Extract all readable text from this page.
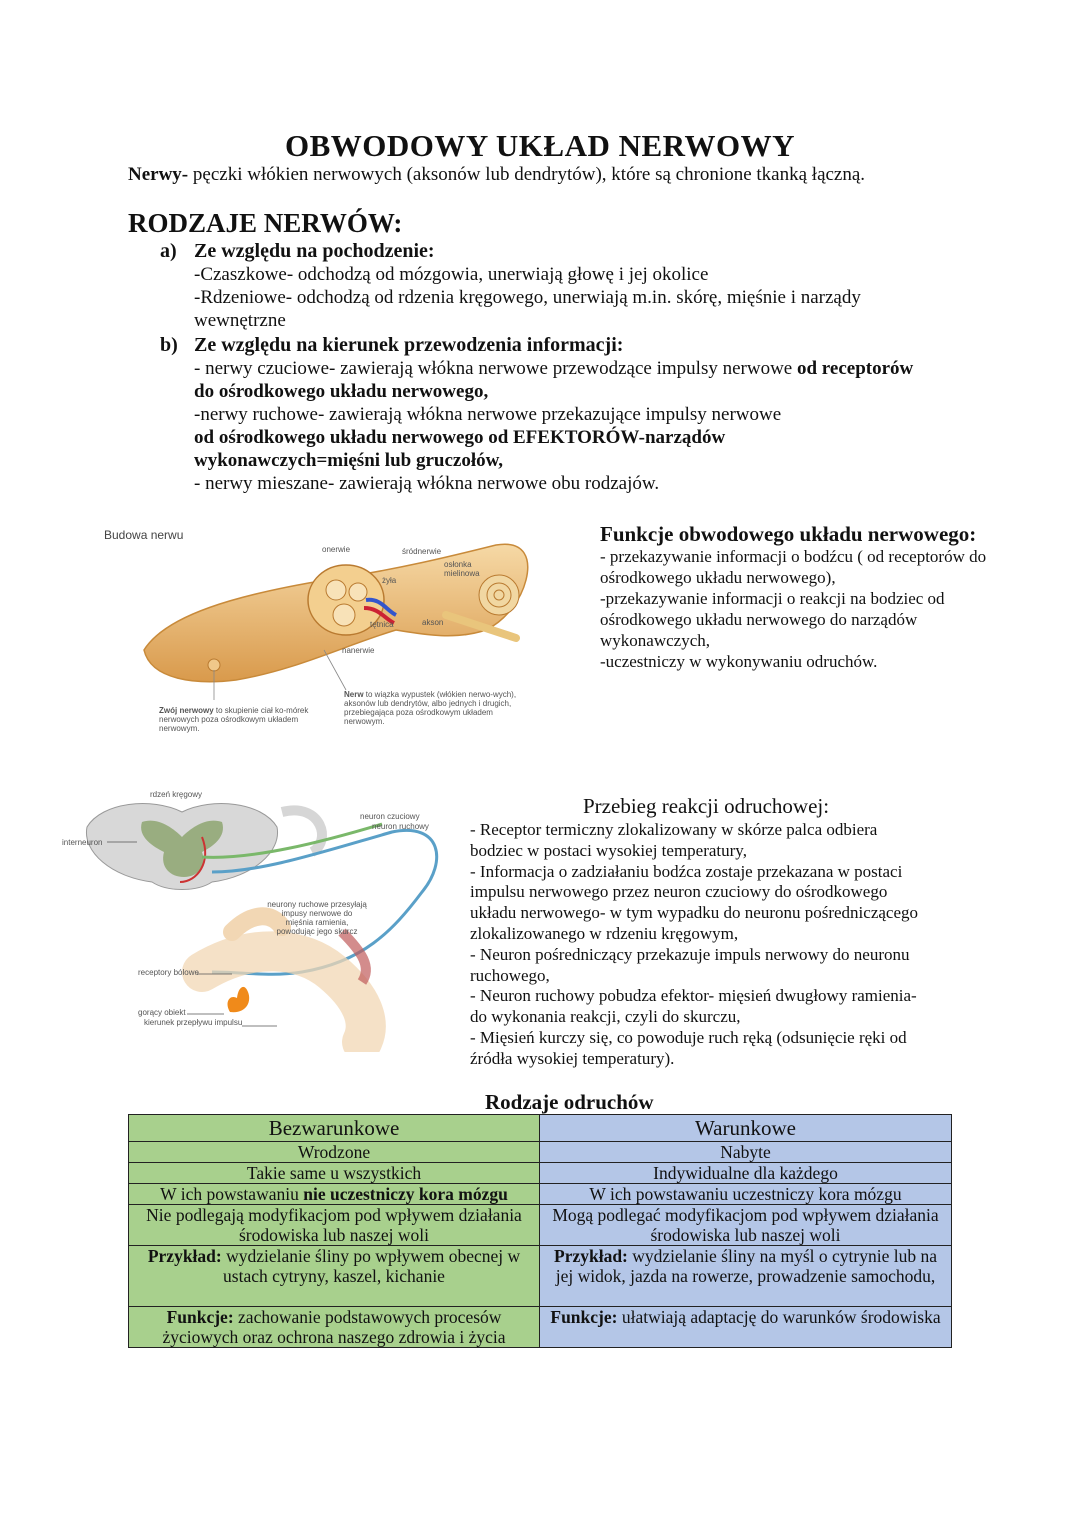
OBWODOWY UKŁAD NERWOWY
Nerwy- pęczki włókien nerwowych (aksonów lub dendrytów), które są chronione tkanką łączną.
RODZAJE NERWÓW:
a) Ze względu na pochodzenie:
-Czaszkowe- odchodzą od mózgowia, unerwiają głowę i jej okolice
-Rdzeniowe- odchodzą od rdzenia kręgowego, unerwiają m.in. skórę, mięśnie i narządy
wewnętrzne
b) Ze względu na kierunek przewodzenia informacji:
- nerwy czuciowe- zawierają włókna nerwowe przewodzące impulsy nerwowe od receptorów
do ośrodkowego układu nerwowego,
-nerwy ruchowe- zawierają włókna nerwowe przekazujące impulsy nerwowe
od ośrodkowego układu nerwowego od EFEKTORÓW-narządów
wykonawczych=mięśni lub gruczołów,
- nerwy mieszane- zawierają włókna nerwowe obu rodzajów.
Budowa nerwu
onerwie	śródnerwie
osłonka mielinowa
żyła
tętnica	akson
nanerwie
Zwój nerwowy to skupienie ciał ko-mórek nerwowych poza ośrodkowym układem nerwowym.
Nerw to wiązka wypustek (włókien nerwo-wych), aksonów lub dendrytów, albo jednych i drugich, przebiegająca poza ośrodkowym układem nerwowym.
Funkcje obwodowego układu nerwowego:
- przekazywanie informacji o bodźcu ( od receptorów do
ośrodkowego układu nerwowego),
-przekazywanie informacji o reakcji na bodziec od
ośrodkowego układu nerwowego do narządów
wykonawczych,
-uczestniczy w wykonywaniu odruchów.
rdzeń kręgowy
interneuron
neuron czuciowy
neuron ruchowy
neurony ruchowe przesyłają impusy nerwowe do mięśnia ramienia, powodując jego skurcz
receptory bólowe
gorący obiekt
kierunek przepływu impulsu
Przebieg reakcji odruchowej:
- Receptor termiczny zlokalizowany w skórze palca odbiera
bodziec w postaci wysokiej temperatury,
- Informacja o zadziałaniu bodźca zostaje przekazana w postaci
impulsu nerwowego przez neuron czuciowy do ośrodkowego
układu nerwowego- w tym wypadku do neuronu pośredniczącego
zlokalizowanego w rdzeniu kręgowym,
- Neuron pośredniczący przekazuje impuls nerwowy do neuronu
ruchowego,
- Neuron ruchowy pobudza efektor- mięsień dwugłowy ramienia-
do wykonania reakcji, czyli do skurczu,
- Mięsień kurczy się, co powoduje ruch ręką (odsunięcie ręki od
źródła wysokiej temperatury).
Rodzaje odruchów
Bezwarunkowe	Warunkowe
Wrodzone	Nabyte
Takie same u wszystkich	Indywidualne dla każdego
W ich powstawaniu nie uczestniczy kora mózgu	W ich powstawaniu uczestniczy kora mózgu
Nie podlegają modyfikacjom pod wpływem działania środowiska lub naszej woli	Mogą podlegać modyfikacjom pod wpływem działania środowiska lub naszej woli
Przykład: wydzielanie śliny po wpływem obecnej w ustach cytryny, kaszel, kichanie	Przykład: wydzielanie śliny na myśl o cytrynie lub na jej widok, jazda na rowerze, prowadzenie samochodu,
Funkcje: zachowanie podstawowych procesów życiowych oraz ochrona naszego zdrowia i życia	Funkcje: ułatwiają adaptację do warunków środowiska
